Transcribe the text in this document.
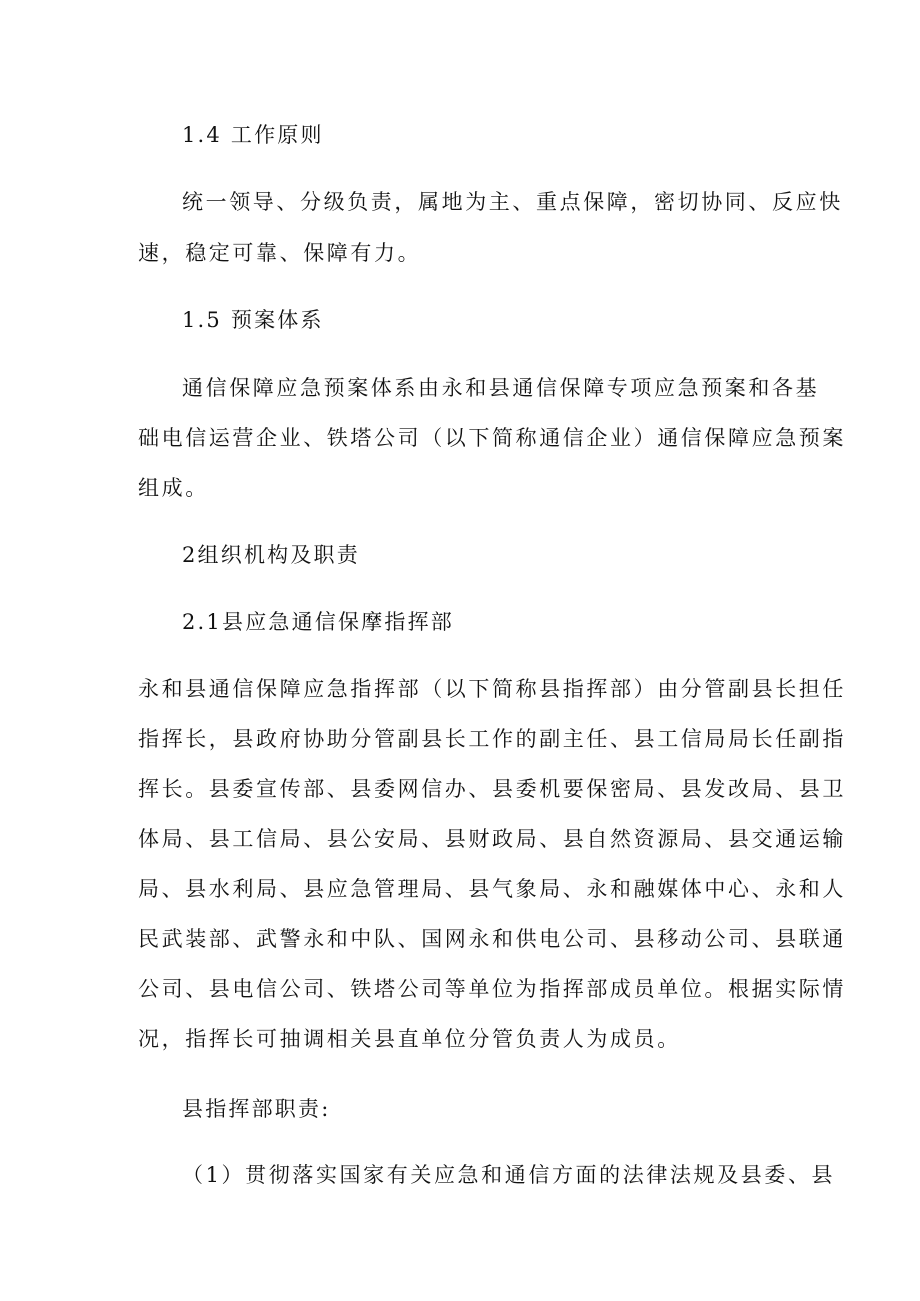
1.4 工作原则
统一领导、分级负责，属地为主、重点保障，密切协同、反应快
速，稳定可靠、保障有力。
1.5 预案体系
通信保障应急预案体系由永和县通信保障专项应急预案和各基
础电信运营企业、铁塔公司（以下简称通信企业）通信保障应急预案
组成。
2组织机构及职责
2.1县应急通信保摩指挥部
永和县通信保障应急指挥部（以下简称县指挥部）由分管副县长担任
指挥长，县政府协助分管副县长工作的副主任、县工信局局长任副指
挥长。县委宣传部、县委网信办、县委机要保密局、县发改局、县卫
体局、县工信局、县公安局、县财政局、县自然资源局、县交通运输
局、县水利局、县应急管理局、县气象局、永和融媒体中心、永和人
民武装部、武警永和中队、国网永和供电公司、县移动公司、县联通
公司、县电信公司、铁塔公司等单位为指挥部成员单位。根据实际情
况，指挥长可抽调相关县直单位分管负责人为成员。
县指挥部职责:
（1）贯彻落实国家有关应急和通信方面的法律法规及县委、县
